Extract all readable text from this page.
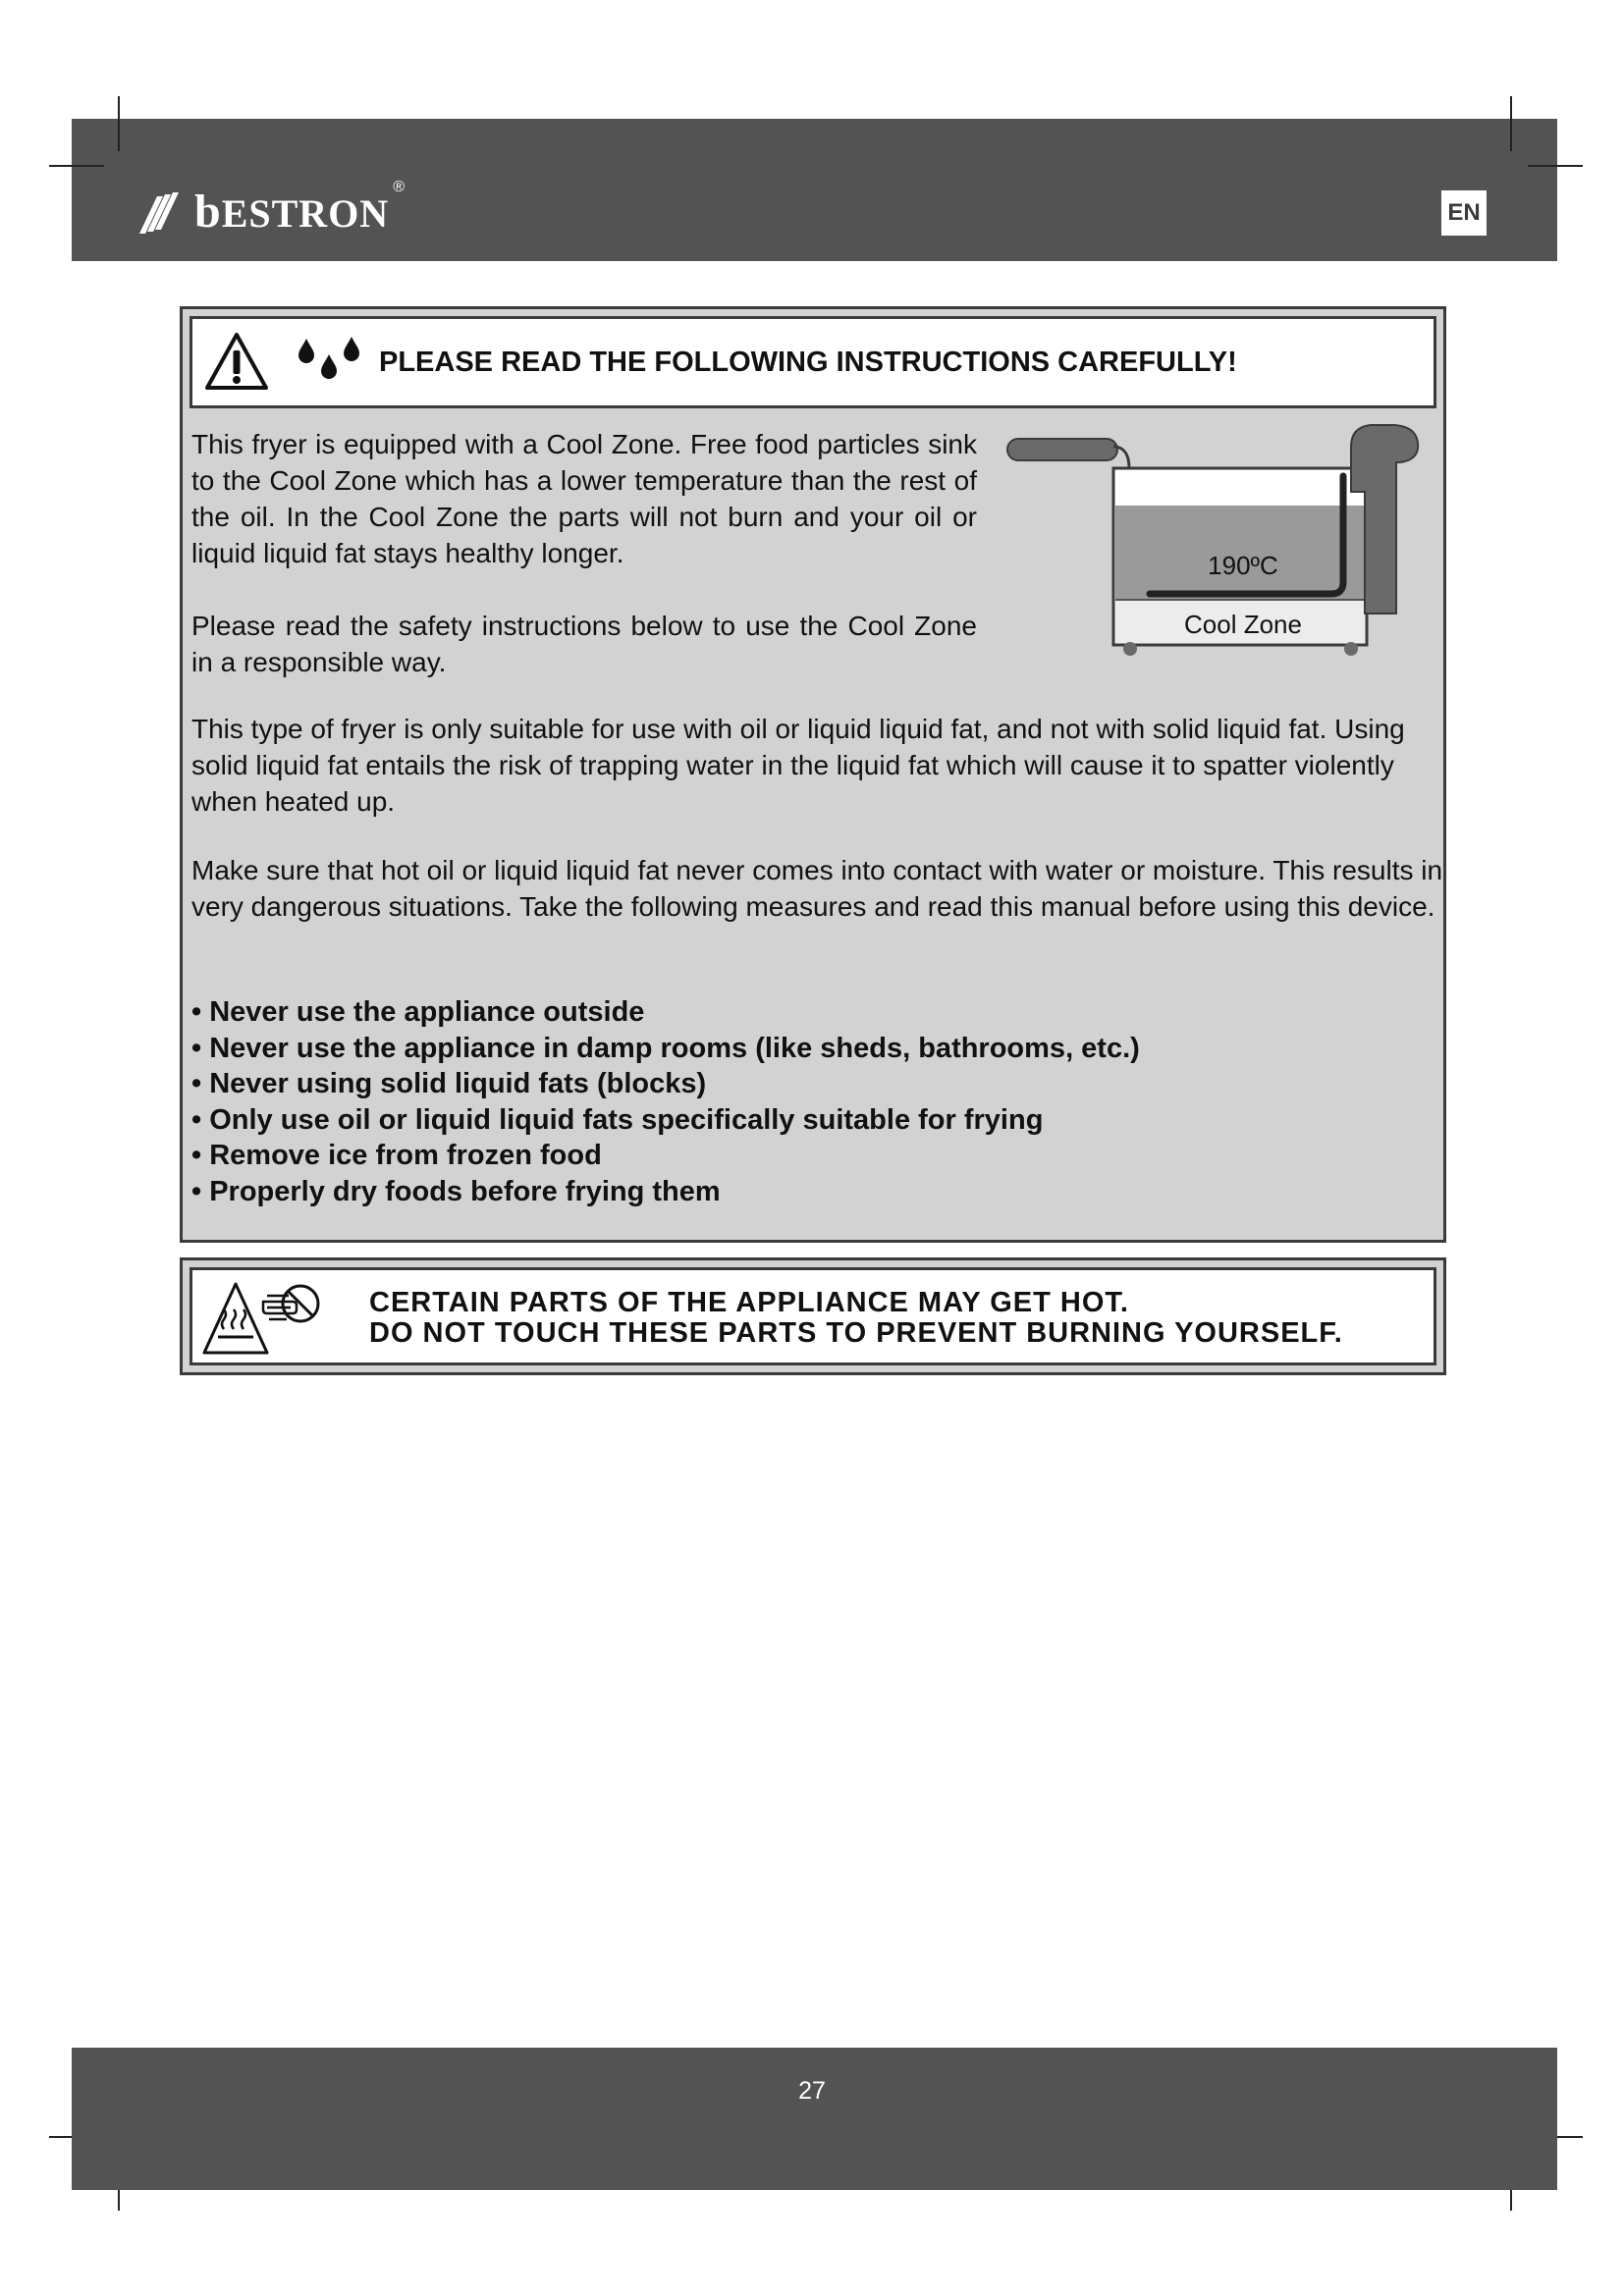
bESTRON
®
EN
PLEASE READ THE FOLLOWING INSTRUCTIONS CAREFULLY!

This fryer is equipped with a Cool Zone. Free food particles sink to the Cool Zone which has a lower temperature than the rest of the oil. In the Cool Zone the parts will not burn and your oil or liquid liquid fat stays healthy longer.

Please read the safety instructions below to use the Cool Zone in a responsible way.

190ºC
Cool Zone

This type of fryer is only suitable for use with oil or liquid liquid fat, and not with solid liquid fat. Using solid liquid fat entails the risk of trapping water in the liquid fat which will cause it to spatter violently when heated up.

Make sure that hot oil or liquid liquid fat never comes into contact with water or moisture. This results in very dangerous situations. Take the following measures and read this manual before using this device.

• Never use the appliance outside
• Never use the appliance in damp rooms (like sheds, bathrooms, etc.)
• Never using solid liquid fats (blocks)
• Only use oil or liquid liquid fats specifically suitable for frying
• Remove ice from frozen food
• Properly dry foods before frying them
CERTAIN PARTS OF THE APPLIANCE MAY GET HOT.
DO NOT TOUCH THESE PARTS TO PREVENT BURNING YOURSELF.
27
